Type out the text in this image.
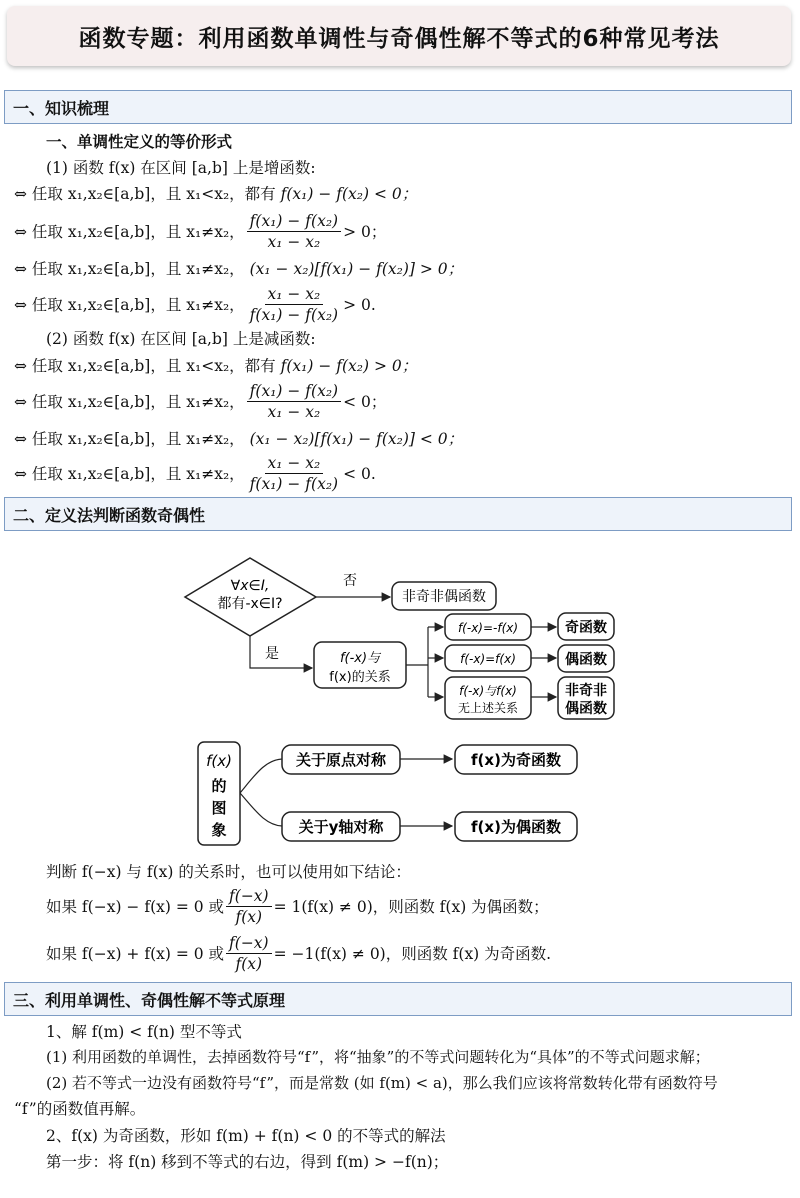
函数专题：利用函数单调性与奇偶性解不等式的6种常见考法
一、知识梳理
一、单调性定义的等价形式
(1) 函数 f(x) 在区间 [a,b] 上是增函数:
⇔ 任取 x₁,x₂∈[a,b]，且 x₁<x₂，都有 f(x₁) − f(x₂) < 0；
⇔ 任取 x₁,x₂∈[a,b]，且 x₁≠x₂， $\frac{\text{f(x₁) − f(x₂)}}{\text{x₁ − x₂}} > 0$；
⇔ 任取 x₁,x₂∈[a,b]，且 x₁≠x₂， (x₁ − x₂)[f(x₁) − f(x₂)] > 0；
⇔ 任取 x₁,x₂∈[a,b]，且 x₁≠x₂， $\frac{\text{x₁ − x₂}}{\text{f(x₁) − f(x₂)}} > 0$.
(2) 函数 f(x) 在区间 [a,b] 上是减函数:
⇔ 任取 x₁,x₂∈[a,b]，且 x₁<x₂，都有 f(x₁) − f(x₂) > 0；
⇔ 任取 x₁,x₂∈[a,b]，且 x₁≠x₂， $\frac{\text{f(x₁) − f(x₂)}}{\text{x₁ − x₂}} < 0$；
⇔ 任取 x₁,x₂∈[a,b]，且 x₁≠x₂， (x₁ − x₂)[f(x₁) − f(x₂)] < 0；
⇔ 任取 x₁,x₂∈[a,b]，且 x₁≠x₂， $\frac{\text{x₁ − x₂}}{\text{f(x₁) − f(x₂)}} < 0$.
二、定义法判断函数奇偶性
∀x∈I,
都有-x∈I?
否
非奇非偶函数
是	f(-x)与
f(x)的关系
f(-x)=-f(x)
f(-x)=f(x)
f(-x)与f(x)
无上述关系
奇函数
偶函数
非奇非
偶函数
f(x)
的
图
象
关于原点对称
关于y轴对称
f(x)为奇函数
f(x)为偶函数
判断 f(−x) 与 f(x) 的关系时，也可以使用如下结论：
如果 f(−x) − f(x) = 0 或 $\frac{f(-x)}{f(x)} = 1(f(x) \ne 0)$，则函数 f(x) 为偶函数；
如果 f(−x) + f(x) = 0 或 $\frac{f(-x)}{f(x)} = -1(f(x) \ne 0)$，则函数 f(x) 为奇函数.
三、利用单调性、奇偶性解不等式原理
1、解 f(m) < f(n) 型不等式
(1) 利用函数的单调性，去掉函数符号“f”，将“抽象”的不等式问题转化为“具体”的不等式问题求解；
(2) 若不等式一边没有函数符号“f”，而是常数 (如 f(m) < a)，那么我们应该将常数转化带有函数符号
“f”的函数值再解。
2、f(x) 为奇函数，形如 f(m) + f(n) < 0 的不等式的解法
第一步：将 f(n) 移到不等式的右边，得到 f(m) > −f(n)；
